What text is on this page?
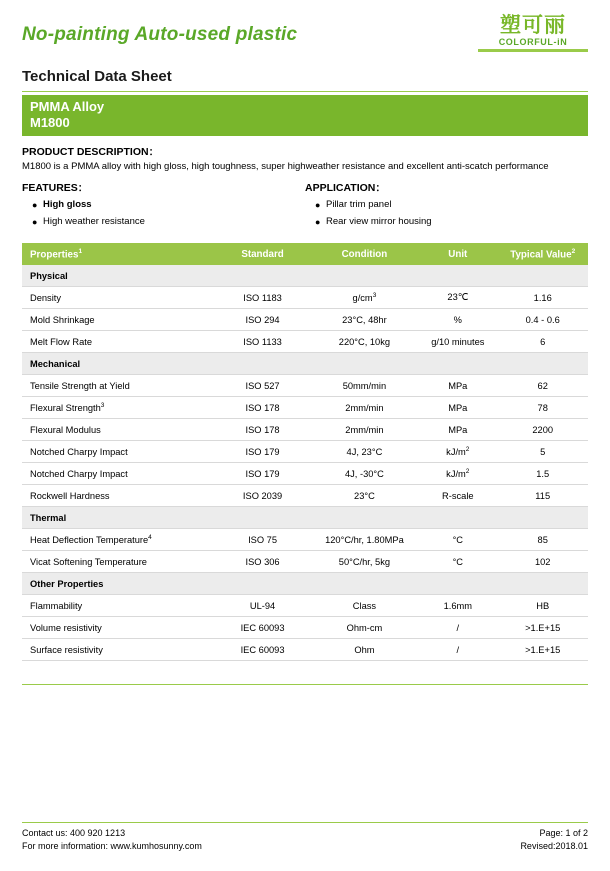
No-painting Auto-used plastic	塑可丽
COLORFUL-iN
Technical Data Sheet
PMMA Alloy
M1800
PRODUCT DESCRIPTION：
M1800 is a PMMA alloy with high gloss, high toughness, super highweather resistance and excellent anti-scatch performance
FEATURES：
● High gloss
● High weather resistance
APPLICATION：
● Pillar trim panel
● Rear view mirror housing
Properties$^1$	Standard	Condition	Unit	Typical Value$^2$
Physical				
Density	ISO 1183	$g/cm^3$	23℃	1.16
Mold Shrinkage	ISO 294	23°C, 48hr	%	0.4 - 0.6
Melt Flow Rate	ISO 1133	220°C, 10kg	g/10 minutes	6
Mechanical				
Tensile Strength at Yield	ISO 527	50mm/min	MPa	62
Flexural Strength$^3$	ISO 178	2mm/min	MPa	78
Flexural Modulus	ISO 178	2mm/min	MPa	2200
Notched Charpy Impact	ISO 179	4J, 23°C	$kJ/m^2$	5
Notched Charpy Impact	ISO 179	4J, -30°C	$kJ/m^2$	1.5
Rockwell Hardness	ISO 2039	23°C	R-scale	115
Thermal				
Heat Deflection Temperature$^4$	ISO 75	120°C/hr, 1.80MPa	°C	85
Vicat Softening Temperature	ISO 306	50°C/hr, 5kg	°C	102
Other Properties				
Flammability	UL-94	Class	1.6mm	HB
Volume resistivity	IEC 60093	Ohm-cm	/	>1.E+15
Surface resistivity	IEC 60093	Ohm	/	>1.E+15

Contact us: 400 920 1213
For more information: www.kumhosunny.com
Page: 1 of 2
Revised:2018.01
